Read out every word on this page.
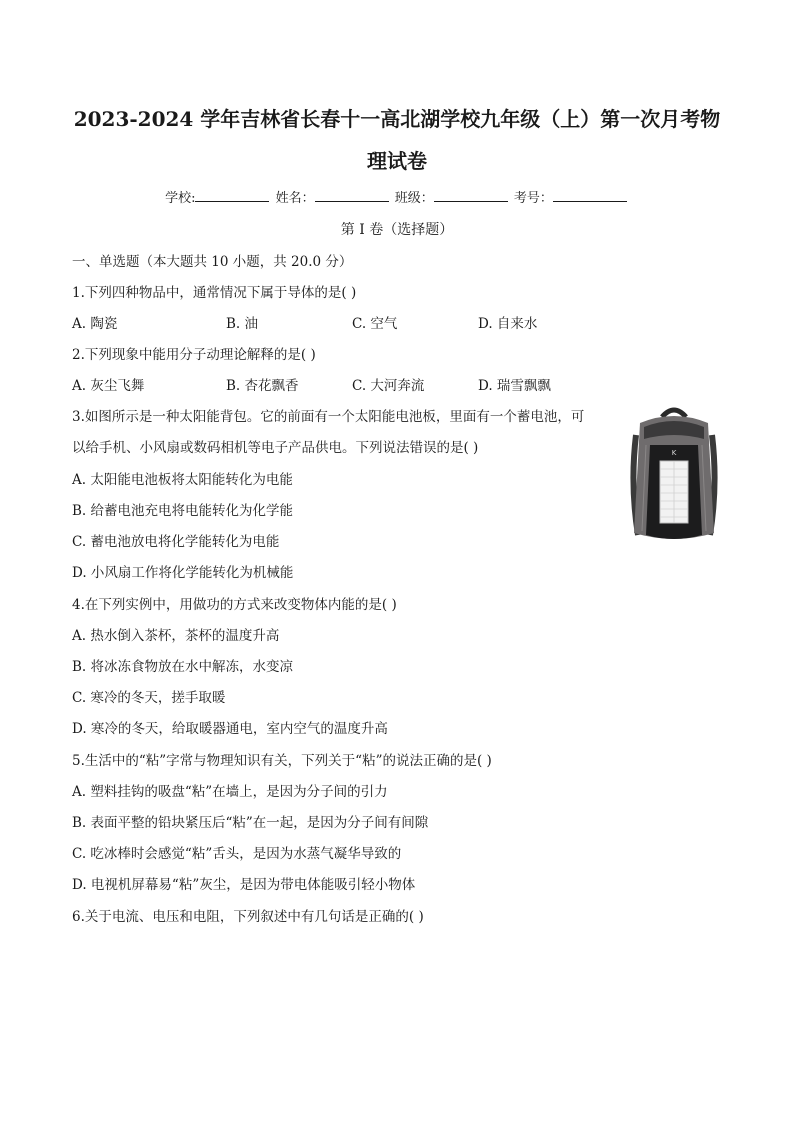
2023-2024 学年吉林省长春十一高北湖学校九年级（上）第一次月考物
理试卷
学校:	姓名：	班级：	考号：
第 I 卷（选择题）
一、单选题（本大题共 10 小题，共 20.0 分）
1.下列四种物品中，通常情况下属于导体的是( )
A. 陶瓷	B. 油	C. 空气	D. 自来水
2.下列现象中能用分子动理论解释的是( )
A. 灰尘飞舞	B. 杏花飘香	C. 大河奔流	D. 瑞雪飘飘
3.如图所示是一种太阳能背包。它的前面有一个太阳能电池板，里面有一个蓄电池，可
以给手机、小风扇或数码相机等电子产品供电。下列说法错误的是( )
A. 太阳能电池板将太阳能转化为电能
B. 给蓄电池充电将电能转化为化学能
C. 蓄电池放电将化学能转化为电能
D. 小风扇工作将化学能转化为机械能
K
4.在下列实例中，用做功的方式来改变物体内能的是( )
A. 热水倒入茶杯，茶杯的温度升高
B. 将冰冻食物放在水中解冻，水变凉
C. 寒冷的冬天，搓手取暖
D. 寒冷的冬天，给取暖器通电，室内空气的温度升高
5.生活中的“粘”字常与物理知识有关，下列关于“粘”的说法正确的是( )
A. 塑料挂钩的吸盘“粘”在墙上，是因为分子间的引力
B. 表面平整的铅块紧压后“粘”在一起，是因为分子间有间隙
C. 吃冰棒时会感觉“粘”舌头，是因为水蒸气凝华导致的
D. 电视机屏幕易“粘”灰尘，是因为带电体能吸引轻小物体
6.关于电流、电压和电阻，下列叙述中有几句话是正确的( )
